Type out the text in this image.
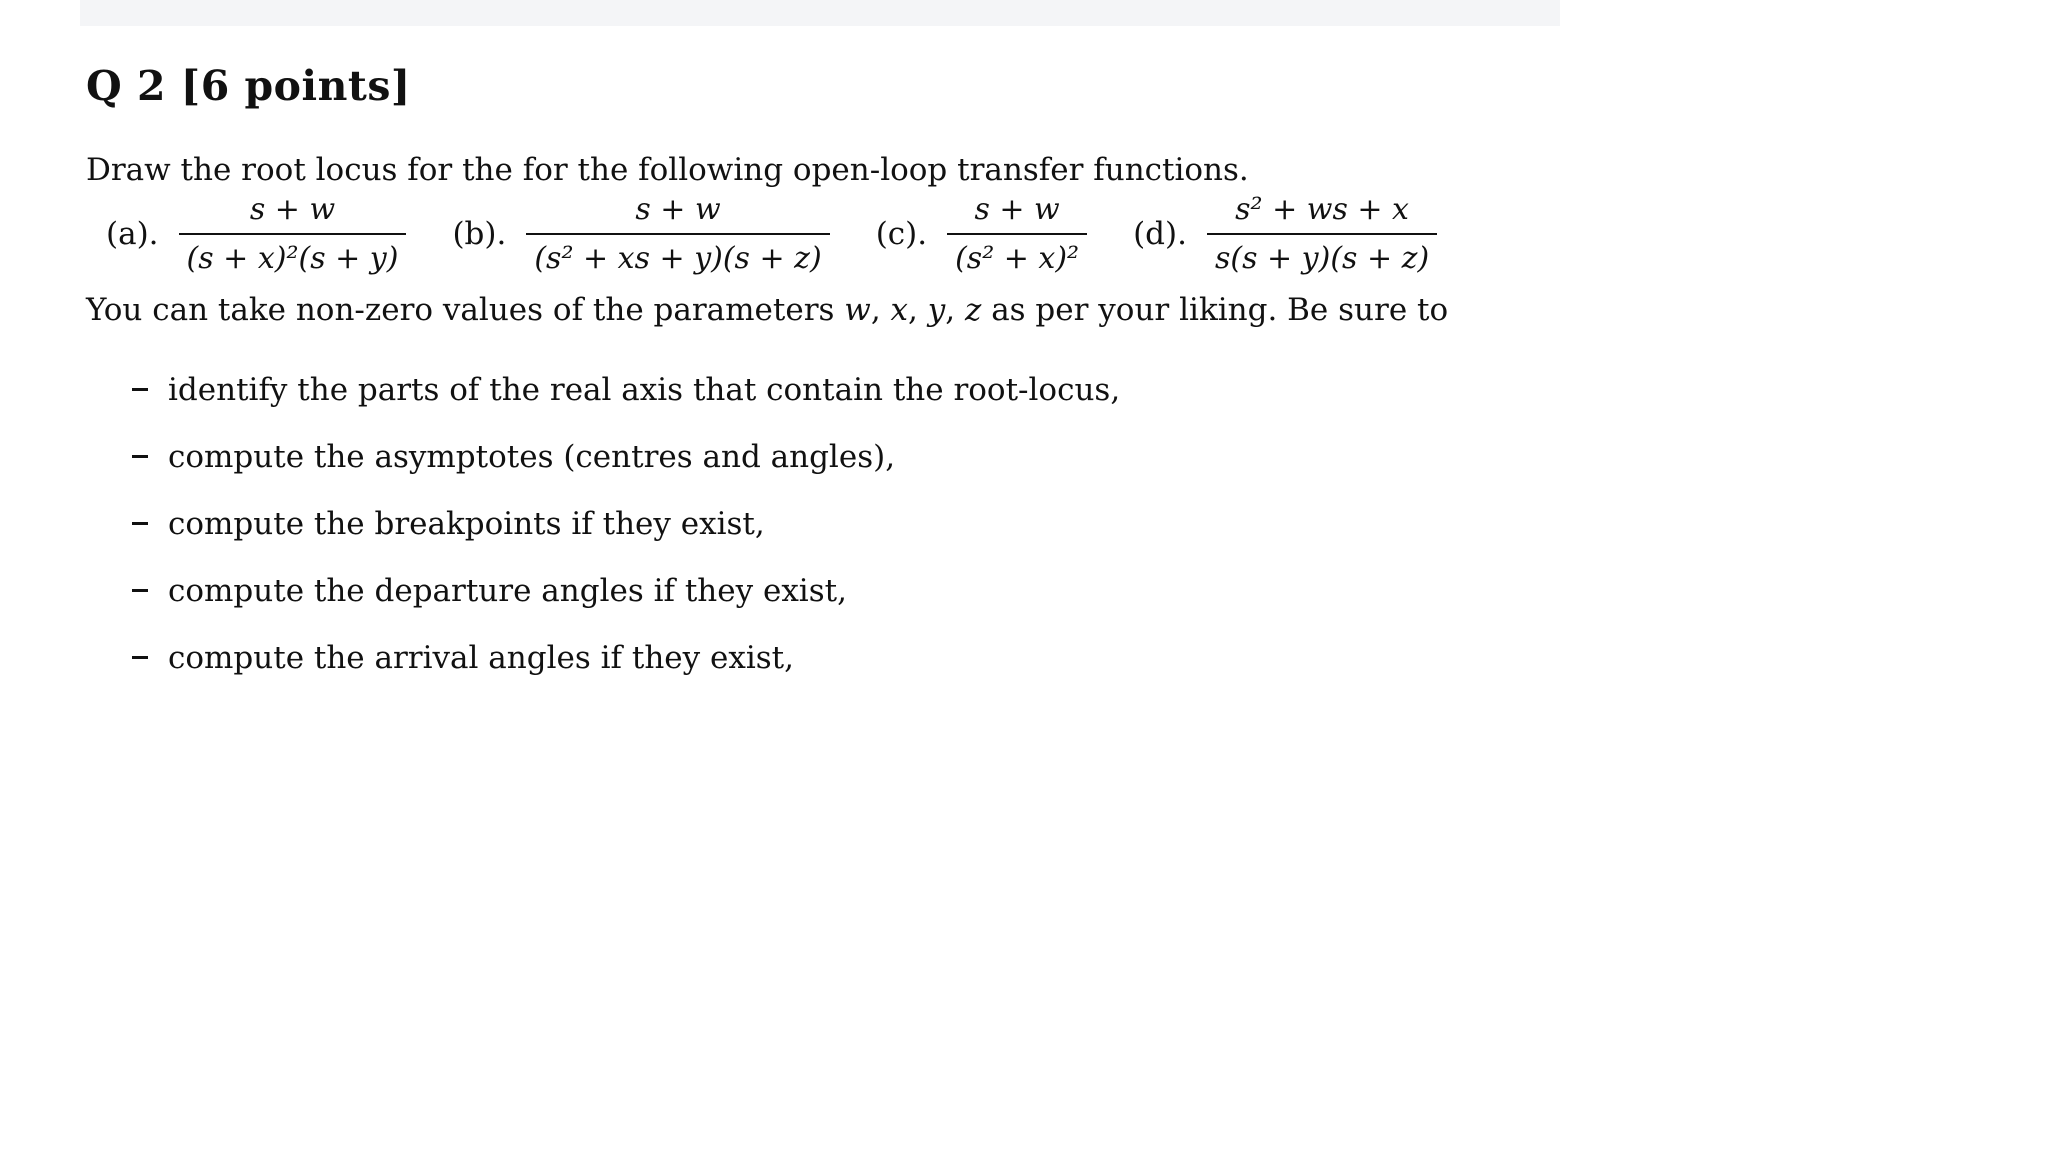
Q 2 [6 points]
Draw the root locus for the for the following open-loop transfer functions.
(a). $\frac{s + w}{\text{(s + x)²(s + y)}} (b)$. $\frac{s + w}{\text{(s² + xs + y)(s + z)}} (c)$. $\frac{s + w}{\text{(s² + x)²}} (d)$. $\frac{\text{s² + ws + x}}{s(s + y)(s + z)}$
You can take non-zero values of the parameters w, x, y, z as per your liking. Be sure to
identify the parts of the real axis that contain the root-locus,
compute the asymptotes (centres and angles),
compute the breakpoints if they exist,
compute the departure angles if they exist,
compute the arrival angles if they exist,
